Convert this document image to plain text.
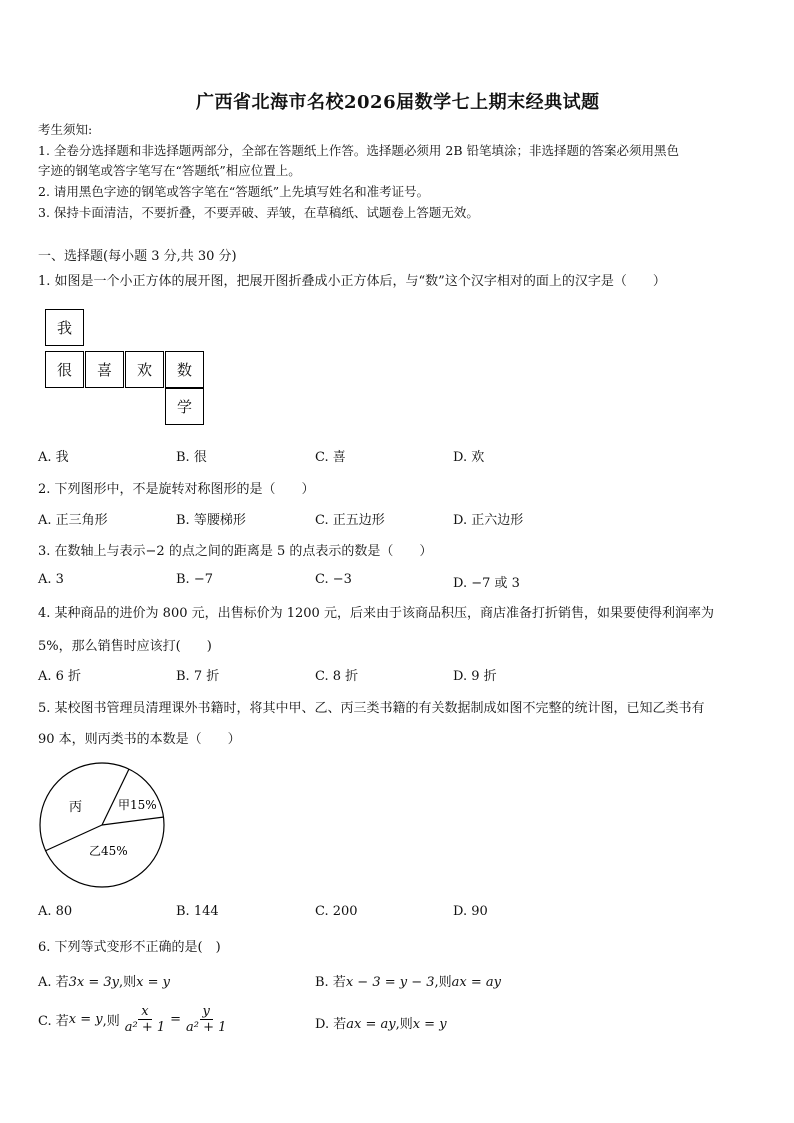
广西省北海市名校2026届数学七上期末经典试题
考生须知:
1. 全卷分选择题和非选择题两部分，全部在答题纸上作答。选择题必须用 2B 铅笔填涂；非选择题的答案必须用黑色
字迹的钢笔或答字笔写在“答题纸”相应位置上。
2. 请用黑色字迹的钢笔或答字笔在“答题纸”上先填写姓名和准考证号。
3. 保持卡面清洁，不要折叠，不要弄破、弄皱，在草稿纸、试题卷上答题无效。
一、选择题(每小题 3 分,共 30 分)
1. 如图是一个小正方体的展开图，把展开图折叠成小正方体后，与“数”这个汉字相对的面上的汉字是（　　）
我
很	喜	欢	数
学
A. 我	B. 很	C. 喜	D. 欢
2. 下列图形中，不是旋转对称图形的是（　　）
A. 正三角形	B. 等腰梯形	C. 正五边形	D. 正六边形
3. 在数轴上与表示−2 的点之间的距离是 5 的点表示的数是（　　）
A. 3	B. −7	C. −3	D. −7 或 3
4. 某种商品的进价为 800 元，出售标价为 1200 元，后来由于该商品积压，商店准备打折销售，如果要使得利润率为
5%，那么销售时应该打(　　)
A. 6 折	B. 7 折	C. 8 折	D. 9 折
5. 某校图书管理员清理课外书籍时，将其中甲、乙、丙三类书籍的有关数据制成如图不完整的统计图，已知乙类书有
90 本，则丙类书的本数是（　　）
丙	甲15%
乙45%
A. 80	B. 144	C. 200	D. 90
6. 下列等式变形不正确的是(　)
A. 若3x = 3y,则x = y	B. 若x − 3 = y − 3,则ax = ay
C. 若 x = y ,则 $\frac{x}{\text{a² + 1}} = \frac{y}{\text{a² + 1}}$	D. 若ax = ay,则x = y
